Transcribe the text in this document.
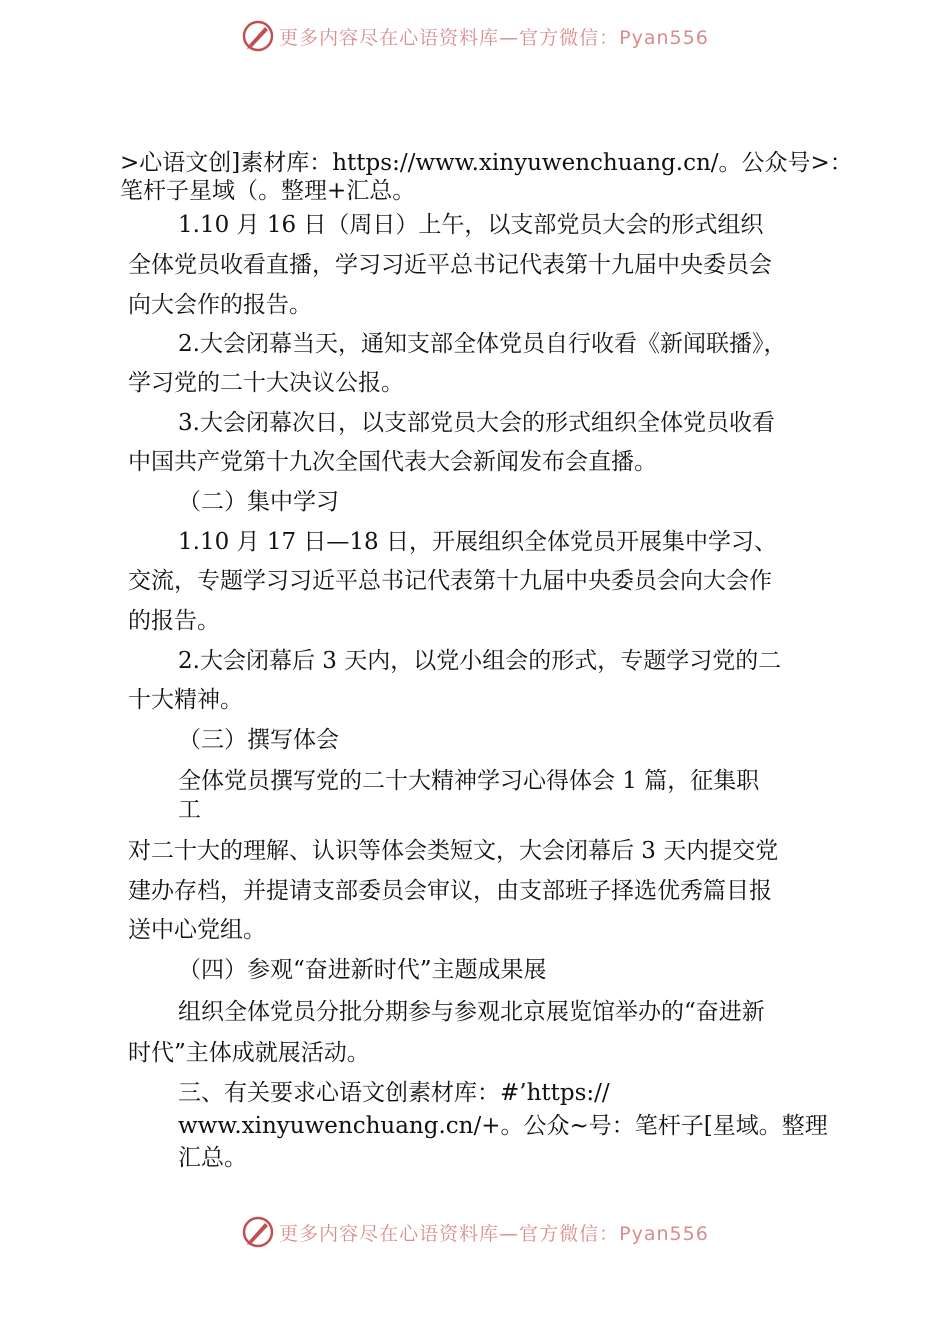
更多内容尽在心语资料库—官方微信：Pyan556
>心语文创]素材库：https://www.xinyuwenchuang.cn/。公众号>：
笔杆子星域（。整理+汇总。
1.10 月 16 日（周日）上午，以支部党员大会的形式组织
全体党员收看直播，学习习近平总书记代表第十九届中央委员会
向大会作的报告。
2.大会闭幕当天，通知支部全体党员自行收看《新闻联播》，
学习党的二十大决议公报。
3.大会闭幕次日，以支部党员大会的形式组织全体党员收看
中国共产党第十九次全国代表大会新闻发布会直播。
（二）集中学习
1.10 月 17 日—18 日，开展组织全体党员开展集中学习、
交流，专题学习习近平总书记代表第十九届中央委员会向大会作
的报告。
2.大会闭幕后 3 天内，以党小组会的形式，专题学习党的二
十大精神。
（三）撰写体会
全体党员撰写党的二十大精神学习心得体会 1 篇，征集职
工
对二十大的理解、认识等体会类短文，大会闭幕后 3 天内提交党
建办存档，并提请支部委员会审议，由支部班子择选优秀篇目报
送中心党组。
（四）参观“奋进新时代”主题成果展
组织全体党员分批分期参与参观北京展览馆举办的“奋进新
时代”主体成就展活动。
三、有关要求心语文创素材库：#’https://
www.xinyuwenchuang.cn/+。公众~号：笔杆子[星域。整理
汇总。
更多内容尽在心语资料库—官方微信：Pyan556
